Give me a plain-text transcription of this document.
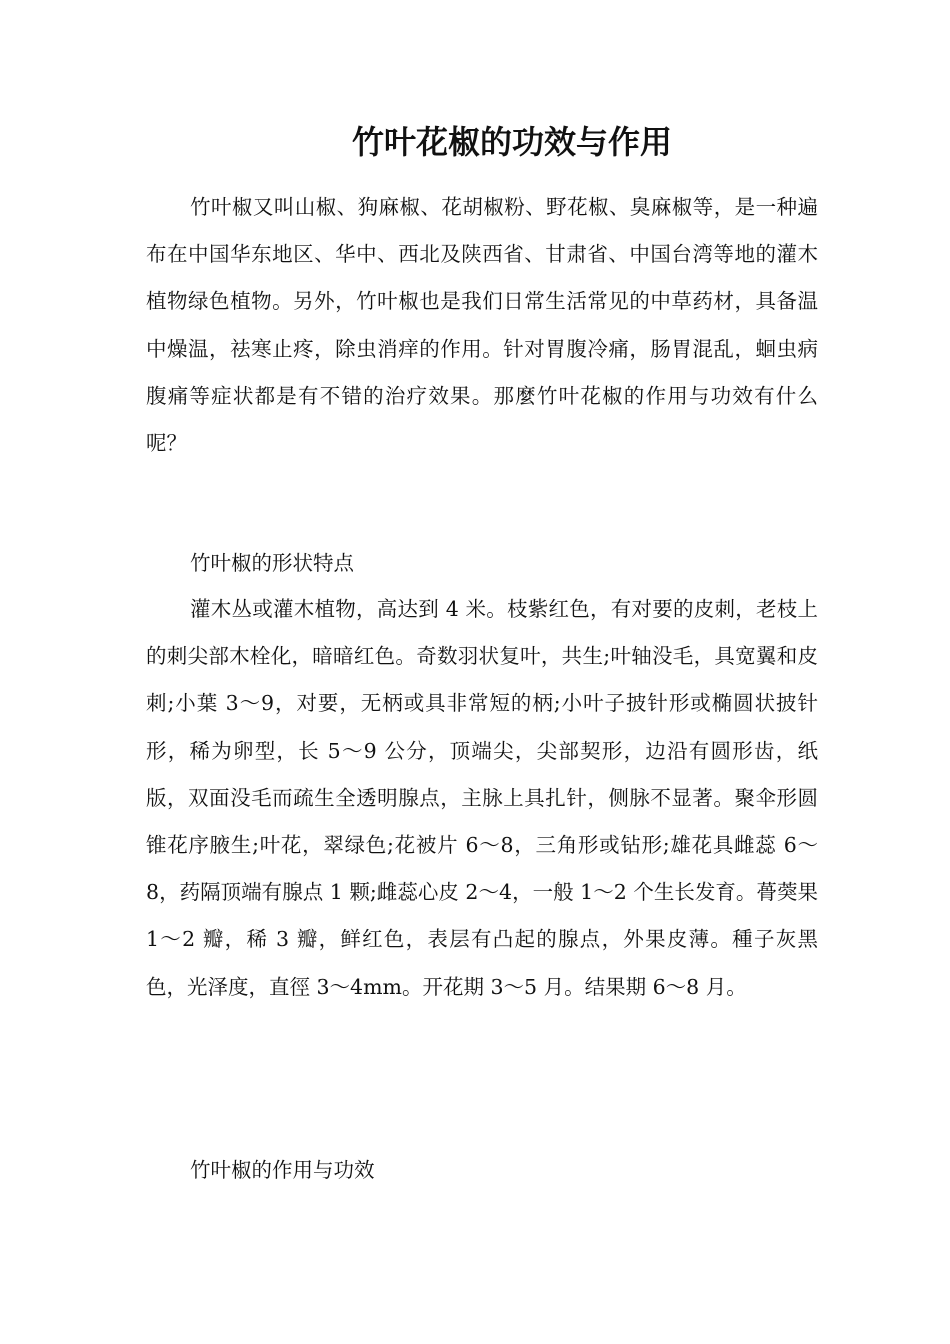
竹叶花椒的功效与作用

竹叶椒又叫山椒、狗麻椒、花胡椒粉、野花椒、臭麻椒等，是一种遍布在中国华东地区、华中、西北及陕西省、甘肃省、中国台湾等地的灌木植物绿色植物。另外，竹叶椒也是我们日常生活常见的中草药材，具备温中燥温，祛寒止疼，除虫消痒的作用。针对胃腹冷痛，肠胃混乱，蛔虫病腹痛等症状都是有不错的治疗效果。那麼竹叶花椒的作用与功效有什么呢？

竹叶椒的形状特点

灌木丛或灌木植物，高达到 4 米。枝紫红色，有对要的皮刺，老枝上的刺尖部木栓化，暗暗红色。奇数羽状复叶，共生;叶轴没毛，具宽翼和皮刺;小葉 3～9，对要，无柄或具非常短的柄;小叶子披针形或椭圆状披针形，稀为卵型，长 5～9 公分，顶端尖，尖部契形，边沿有圆形齿，纸版，双面没毛而疏生全透明腺点，主脉上具扎针，侧脉不显著。聚伞形圆锥花序腋生;叶花，翠绿色;花被片 6～8，三角形或钻形;雄花具雌蕊 6～8，药隔顶端有腺点 1 颗;雌蕊心皮 2～4，一般 1～2 个生长发育。蓇葖果 1～2 瓣，稀 3 瓣，鲜红色，表层有凸起的腺点，外果皮薄。種子灰黑色，光泽度，直徑 3～4mm。开花期 3～5 月。结果期 6～8 月。

竹叶椒的作用与功效
